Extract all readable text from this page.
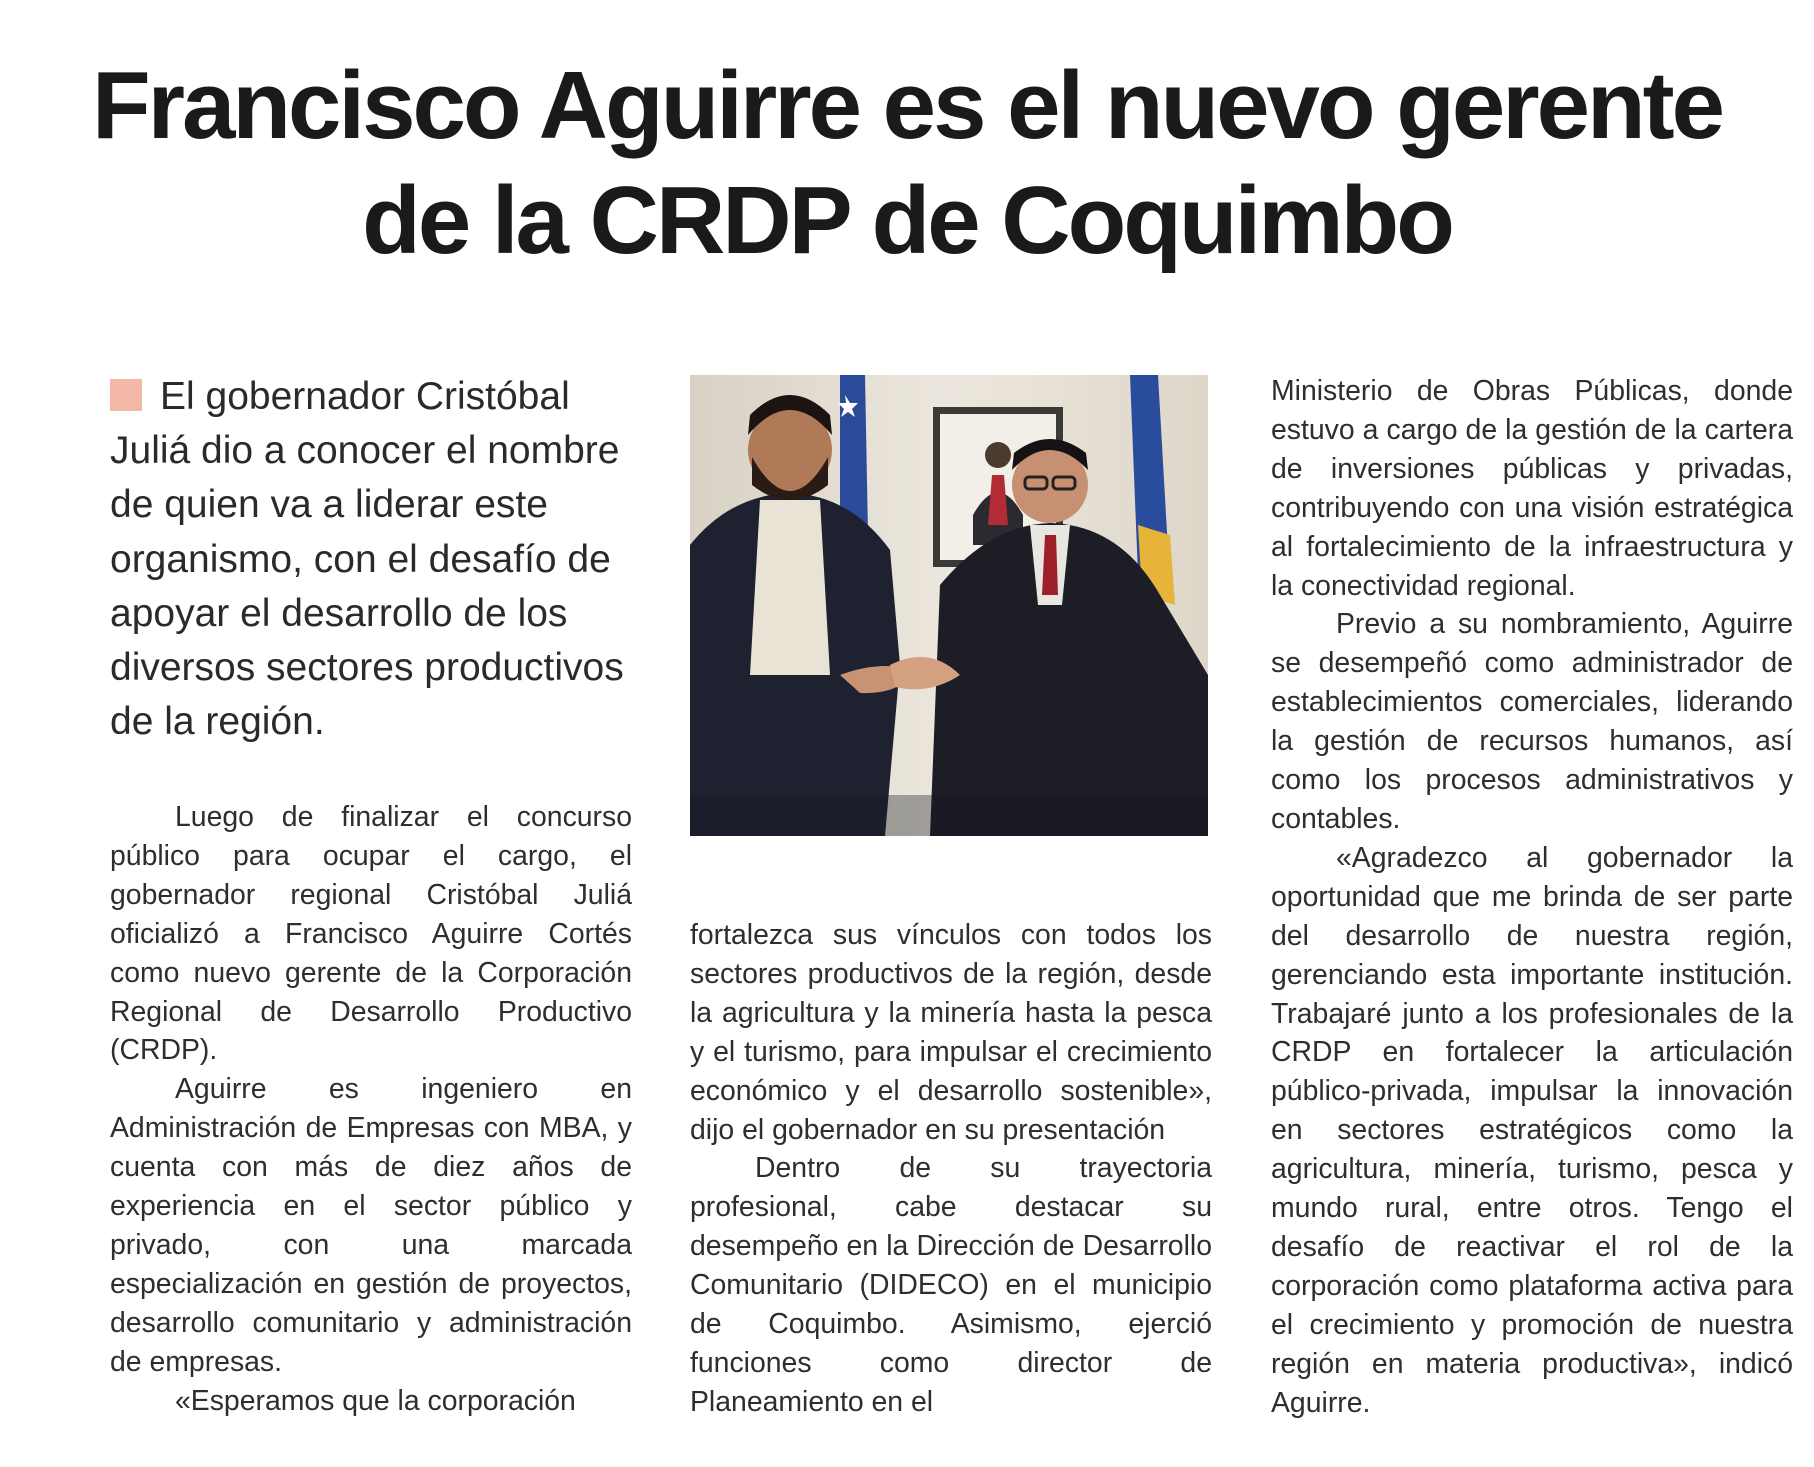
Francisco Aguirre es el nuevo gerente de la CRDP de Coquimbo
El gobernador Cristóbal Juliá dio a conocer el nombre de quien va a liderar este organismo, con el desafío de apoyar el desarrollo de los diversos sectores productivos de la región.

Luego de finalizar el concurso público para ocupar el cargo, el gobernador regional Cristóbal Juliá oficializó a Francisco Aguirre Cortés como nuevo gerente de la Corporación Regional de Desarrollo Productivo (CRDP).

Aguirre es ingeniero en Administración de Empresas con MBA, y cuenta con más de diez años de experiencia en el sector público y privado, con una marcada especialización en gestión de proyectos, desarrollo comunitario y administración de empresas.

«Esperamos que la corporación

fortalezca sus vínculos con todos los sectores productivos de la región, desde la agricultura y la minería hasta la pesca y el turismo, para impulsar el crecimiento económico y el desarrollo sostenible», dijo el gobernador en su presentación

Dentro de su trayectoria profesional, cabe destacar su desempeño en la Dirección de Desarrollo Comunitario (DIDECO) en el municipio de Coquimbo. Asimismo, ejerció funciones como director de Planeamiento en el

Ministerio de Obras Públicas, donde estuvo a cargo de la gestión de la cartera de inversiones públicas y privadas, contribuyendo con una visión estratégica al fortalecimiento de la infraestructura y la conectividad regional.

Previo a su nombramiento, Aguirre se desempeñó como administrador de establecimientos comerciales, liderando la gestión de recursos humanos, así como los procesos administrativos y contables.

«Agradezco al gobernador la oportunidad que me brinda de ser parte del desarrollo de nuestra región, gerenciando esta importante institución. Trabajaré junto a los profesionales de la CRDP en fortalecer la articulación público-privada, impulsar la innovación en sectores estratégicos como la agricultura, minería, turismo, pesca y mundo rural, entre otros. Tengo el desafío de reactivar el rol de la corporación como plataforma activa para el crecimiento y promoción de nuestra región en materia productiva», indicó Aguirre.
